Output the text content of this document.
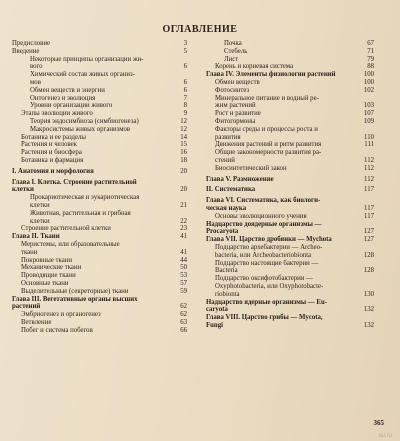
ОГЛАВЛЕНИЕ
Предисловие	3
Введение	5
Некоторые принципы организации жи-
вого	6
Химический состав живых организ-
мов	6
Обмен веществ и энергии	6
Онтогенез и эволюция	7
Уровни организации живого	8
Этапы эволюции живого	9
Теория эндосимбиоза (симбиогенеза)	12
Макросистемы живых организмов	12
Ботаника и ее разделы	14
Растения и человек	15
Растения и биосфера	16
Ботаника и фармация	18
I. Анатомия и морфология	20
Глава I. Клетка. Строение растительной
клетки	20
Прокариотическая и эукариотическая
клетки	21
Животная, растительная и грибная
клетки	22
Строение растительной клетки	23
Глава II. Ткани	41
Меристемы, или образовательные
ткани	41
Покровные ткани	44
Механические ткани	50
Проводящие ткани	53
Основные ткани	57
Выделительные (секреторные) ткани	59
Глава III. Вегетативные органы высших
растений	62
Эмбриогенез и органогенез	62
Ветвление	63
Побег и система побегов	66
Почка	67
Стебель	71
Лист	79
Корень и корневая система	88
Глава IV. Элементы физиологии растений	100
Обмен веществ	100
Фотосинтез	102
Минеральное питание и водный ре-
жим растений	103
Рост и развитие	107
Фитогормоны	109
Факторы среды и процессы роста и
развития	110
Движения растений и ритм развития	111
Общие закономерности развития ра-
стений	112
Биосинтетический закон	112
Глава V. Размножение	112
II. Систематика	117
Глава VI. Систематика, как биологи-
ческая наука	117
Основы эволюционного учения	117
Надцарство доядерные организмы —
Procaryota	127
Глава VII. Царство дробянки — Mychota	127
Подцарство архебактерии — Archeo-
bacteria, или Archeobacteriobionta	128
Подцарство настоящие бактерии —
Bacteria	128
Подцарство оксифотобактерии —
Oxyphotobacteria, или Oxyphotobacte-
riobionta	130
Надцарство ядерные организмы — Eu-
caryota	132
Глава VIII. Царство грибы — Mycota,
Fungi	132
365
au.ru
